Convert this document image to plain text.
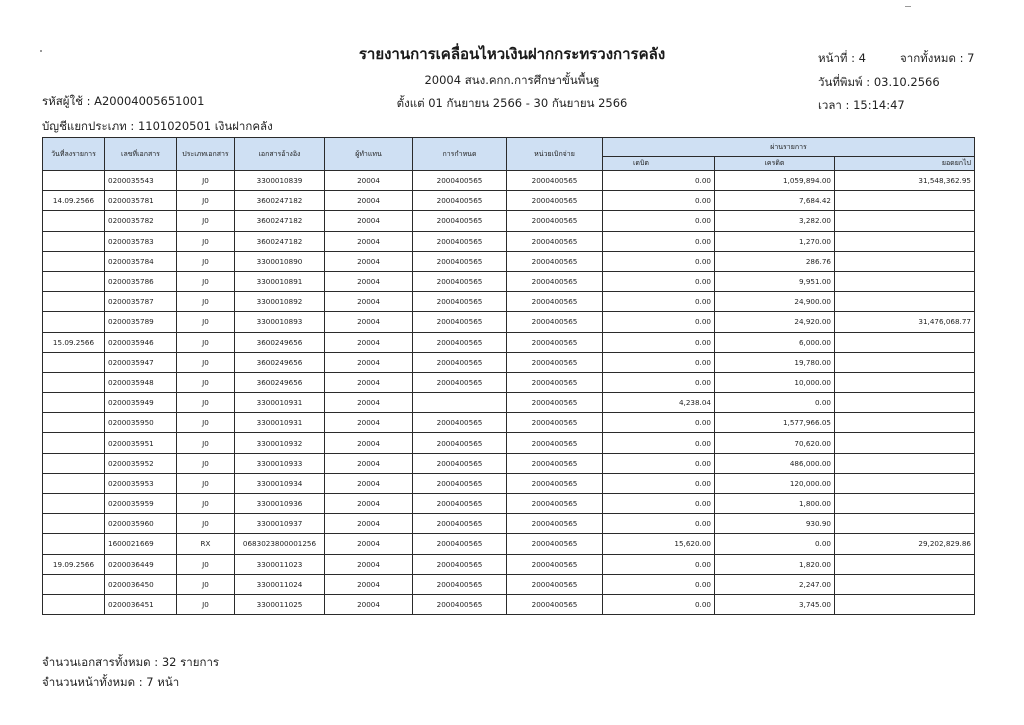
รายงานการเคลื่อนไหวเงินฝากกระทรวงการคลัง
20004 สนง.คกก.การศึกษาขั้นพื้นฐ
ตั้งแต่ 01 กันยายน 2566 - 30 กันยายน 2566
หน้าที่ : 4	จากทั้งหมด : 7
วันที่พิมพ์ : 03.10.2566
เวลา : 15:14:47
รหัสผู้ใช้ : A20004005651001
บัญชีแยกประเภท : 1101020501 เงินฝากคลัง
วันที่ลงรายการ	เลขที่เอกสาร	ประเภทเอกสาร	เอกสารอ้างอิง	ผู้ทำแทน	การกำหนด	หน่วยเบิกจ่าย	ผ่านรายการ		
							เดบิต	เครดิต	ยอดยกไป
	0200035543	J0	3300010839	20004	2000400565	2000400565	0.00	1,059,894.00	31,548,362.95
14.09.2566	0200035781	J0	3600247182	20004	2000400565	2000400565	0.00	7,684.42	
	0200035782	J0	3600247182	20004	2000400565	2000400565	0.00	3,282.00	
	0200035783	J0	3600247182	20004	2000400565	2000400565	0.00	1,270.00	
	0200035784	J0	3300010890	20004	2000400565	2000400565	0.00	286.76	
	0200035786	J0	3300010891	20004	2000400565	2000400565	0.00	9,951.00	
	0200035787	J0	3300010892	20004	2000400565	2000400565	0.00	24,900.00	
	0200035789	J0	3300010893	20004	2000400565	2000400565	0.00	24,920.00	31,476,068.77
15.09.2566	0200035946	J0	3600249656	20004	2000400565	2000400565	0.00	6,000.00	
	0200035947	J0	3600249656	20004	2000400565	2000400565	0.00	19,780.00	
	0200035948	J0	3600249656	20004	2000400565	2000400565	0.00	10,000.00	
	0200035949	J0	3300010931	20004		2000400565	4,238.04	0.00	
	0200035950	J0	3300010931	20004	2000400565	2000400565	0.00	1,577,966.05	
	0200035951	J0	3300010932	20004	2000400565	2000400565	0.00	70,620.00	
	0200035952	J0	3300010933	20004	2000400565	2000400565	0.00	486,000.00	
	0200035953	J0	3300010934	20004	2000400565	2000400565	0.00	120,000.00	
	0200035959	J0	3300010936	20004	2000400565	2000400565	0.00	1,800.00	
	0200035960	J0	3300010937	20004	2000400565	2000400565	0.00	930.90	
	1600021669	RX	0683023800001256	20004	2000400565	2000400565	15,620.00	0.00	29,202,829.86
19.09.2566	0200036449	J0	3300011023	20004	2000400565	2000400565	0.00	1,820.00	
	0200036450	J0	3300011024	20004	2000400565	2000400565	0.00	2,247.00	
	0200036451	J0	3300011025	20004	2000400565	2000400565	0.00	3,745.00	
จำนวนเอกสารทั้งหมด : 32 รายการ
จำนวนหน้าทั้งหมด : 7 หน้า
